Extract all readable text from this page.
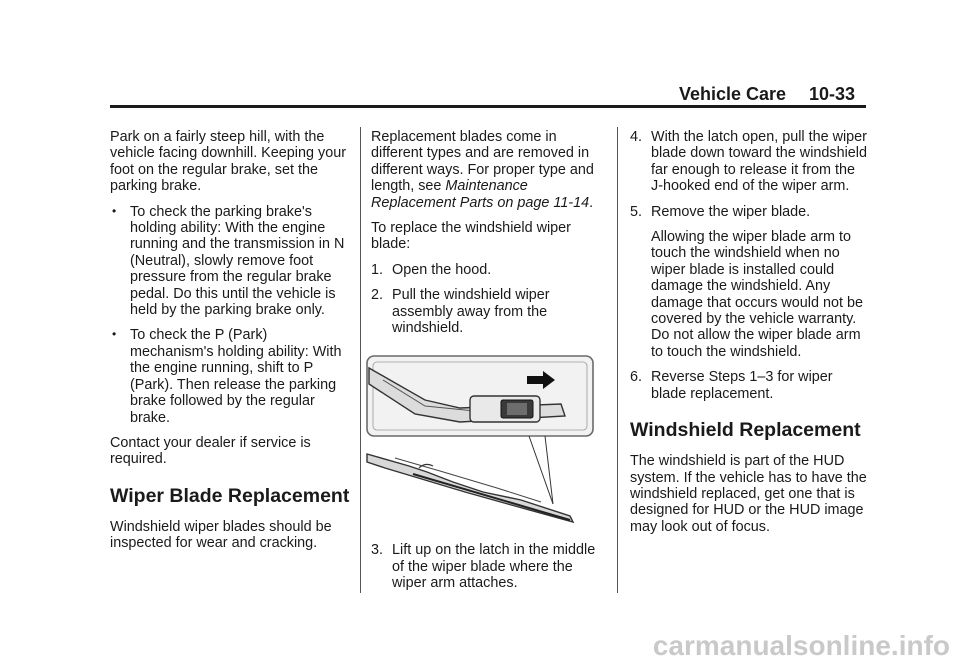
Vehicle Care 10-33

Park on a fairly steep hill, with the vehicle facing downhill. Keeping your foot on the regular brake, set the parking brake.

• To check the parking brake's holding ability: With the engine running and the transmission in N (Neutral), slowly remove foot pressure from the regular brake pedal. Do this until the vehicle is held by the parking brake only.
• To check the P (Park) mechanism's holding ability: With the engine running, shift to P (Park). Then release the parking brake followed by the regular brake.

Contact your dealer if service is required.

Wiper Blade Replacement

Windshield wiper blades should be inspected for wear and cracking.

Replacement blades come in different types and are removed in different ways. For proper type and length, see Maintenance Replacement Parts on page 11-14.

To replace the windshield wiper blade:

1. Open the hood.
2. Pull the windshield wiper assembly away from the windshield.
3. Lift up on the latch in the middle of the wiper blade where the wiper arm attaches.
4. With the latch open, pull the wiper blade down toward the windshield far enough to release it from the J-hooked end of the wiper arm.
5. Remove the wiper blade.

Allowing the wiper blade arm to touch the windshield when no wiper blade is installed could damage the windshield. Any damage that occurs would not be covered by the vehicle warranty. Do not allow the wiper blade arm to touch the windshield.

6. Reverse Steps 1–3 for wiper blade replacement.
Windshield Replacement

The windshield is part of the HUD system. If the vehicle has to have the windshield replaced, get one that is designed for HUD or the HUD image may look out of focus.

carmanualsonline.info
